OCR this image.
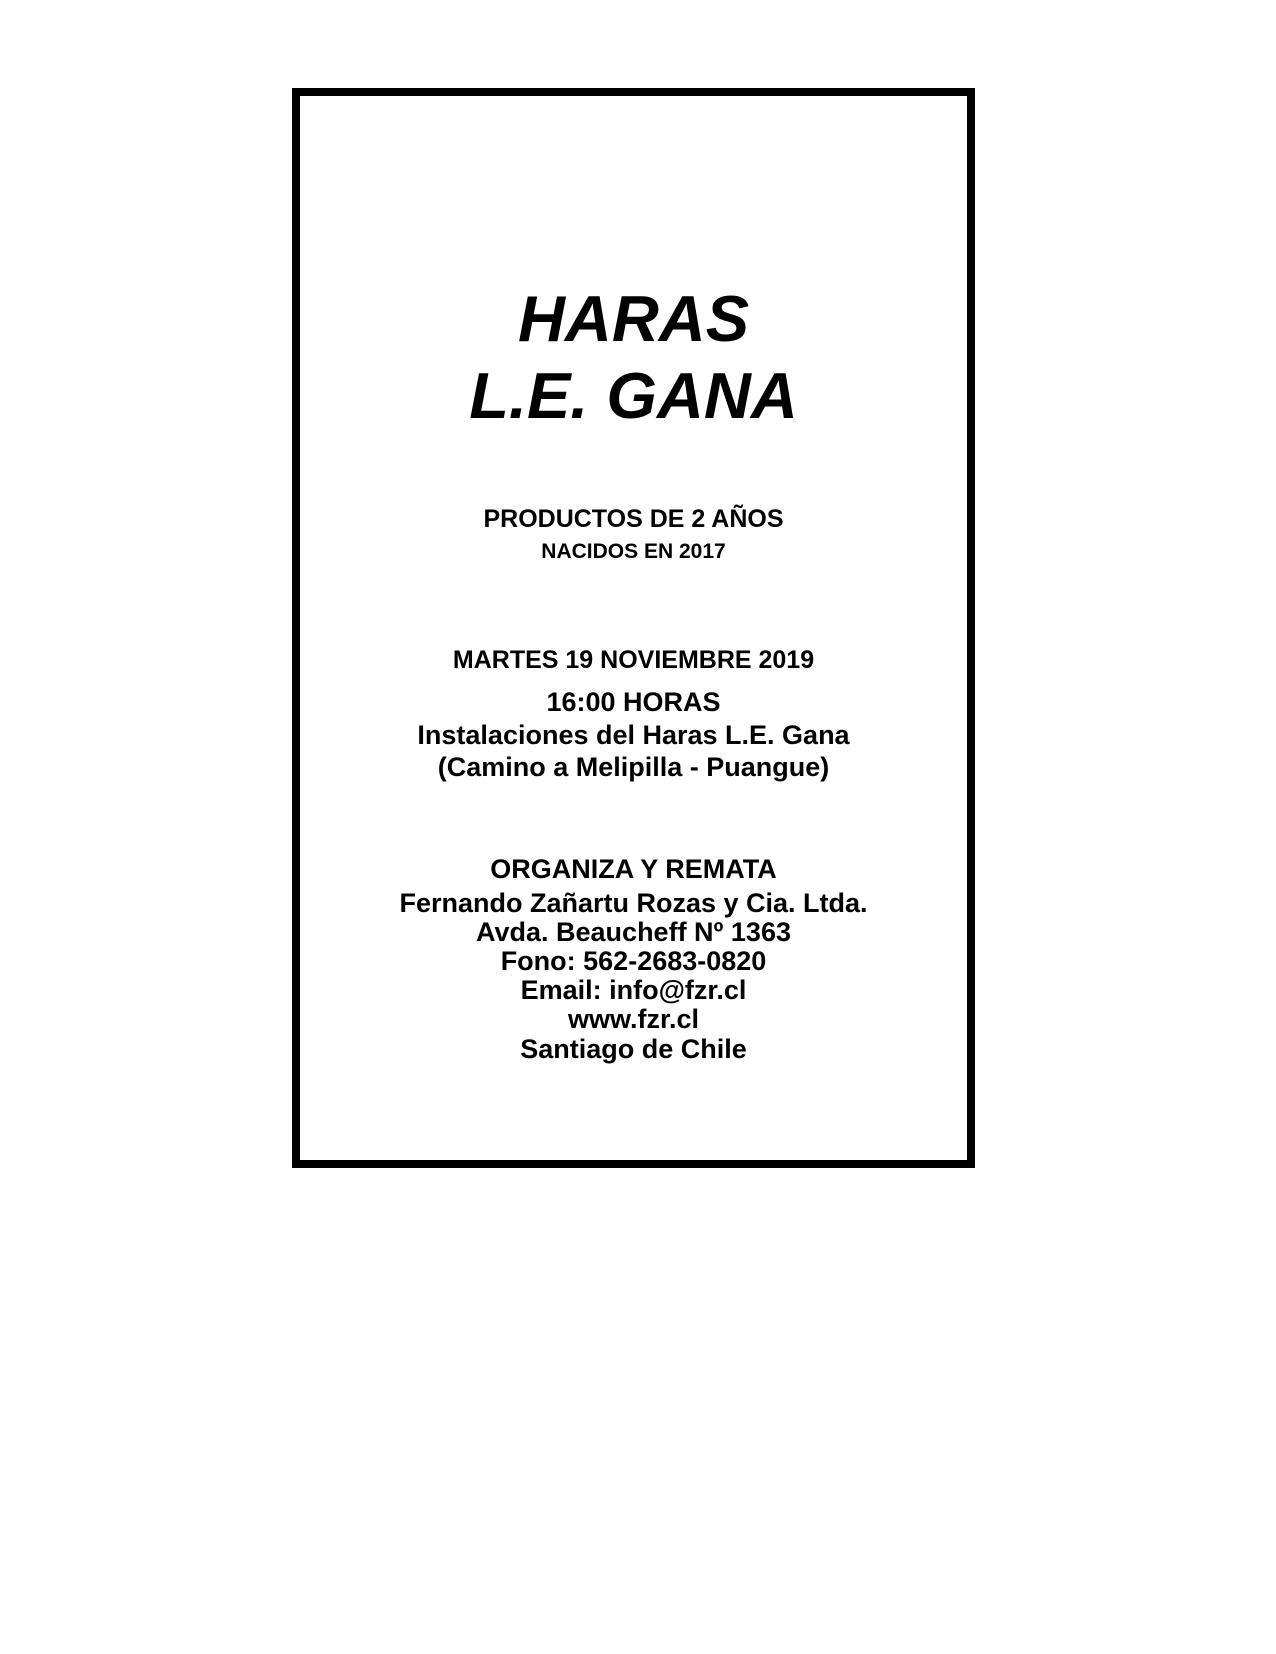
HARAS
L.E. GANA
PRODUCTOS DE 2 AÑOS
NACIDOS EN 2017
MARTES 19 NOVIEMBRE 2019
16:00 HORAS
Instalaciones del Haras L.E. Gana
(Camino a Melipilla - Puangue)
ORGANIZA Y REMATA
Fernando Zañartu Rozas y Cia. Ltda.
Avda. Beaucheff Nº 1363
Fono: 562-2683-0820
Email: info@fzr.cl
www.fzr.cl
Santiago de Chile
